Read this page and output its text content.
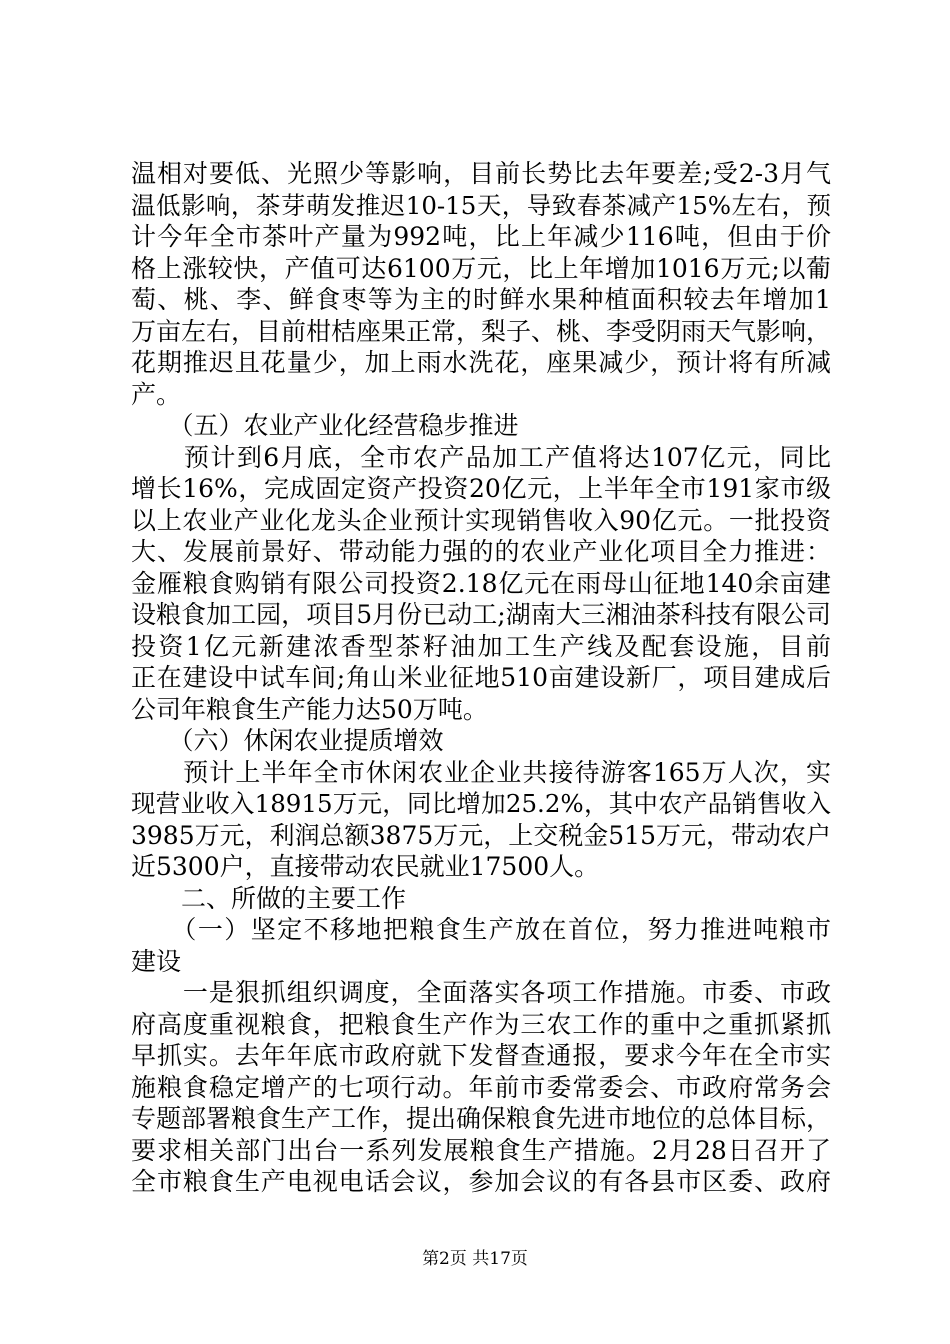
温相对要低、光照少等影响，目前长势比去年要差;受2-3月气
温低影响，茶芽萌发推迟10-15天，导致春茶减产15%左右，预
计今年全市茶叶产量为992吨，比上年减少116吨，但由于价
格上涨较快，产值可达6100万元，比上年增加1016万元;以葡
萄、桃、李、鲜食枣等为主的时鲜水果种植面积较去年增加1
万亩左右，目前柑桔座果正常，梨子、桃、李受阴雨天气影响，
花期推迟且花量少，加上雨水洗花，座果减少，预计将有所减
产。
　　（五）农业产业化经营稳步推进
　　预计到6月底，全市农产品加工产值将达107亿元，同比
增长16%，完成固定资产投资20亿元，上半年全市191家市级
以上农业产业化龙头企业预计实现销售收入90亿元。一批投资
大、发展前景好、带动能力强的的农业产业化项目全力推进：
金雁粮食购销有限公司投资2.18亿元在雨母山征地140余亩建
设粮食加工园，项目5月份已动工;湖南大三湘油茶科技有限公司
投资1亿元新建浓香型茶籽油加工生产线及配套设施，目前
正在建设中试车间;角山米业征地510亩建设新厂，项目建成后
公司年粮食生产能力达50万吨。
　　（六）休闲农业提质增效
　　预计上半年全市休闲农业企业共接待游客165万人次，实
现营业收入18915万元，同比增加25.2%，其中农产品销售收入
3985万元，利润总额3875万元，上交税金515万元，带动农户
近5300户，直接带动农民就业17500人。
　　二、所做的主要工作
　　（一）坚定不移地把粮食生产放在首位，努力推进吨粮市
建设
　　一是狠抓组织调度，全面落实各项工作措施。市委、市政
府高度重视粮食，把粮食生产作为三农工作的重中之重抓紧抓
早抓实。去年年底市政府就下发督查通报，要求今年在全市实
施粮食稳定增产的七项行动。年前市委常委会、市政府常务会
专题部署粮食生产工作，提出确保粮食先进市地位的总体目标，
要求相关部门出台一系列发展粮食生产措施。2月28日召开了
全市粮食生产电视电话会议，参加会议的有各县市区委、政府
第2页 共17页
